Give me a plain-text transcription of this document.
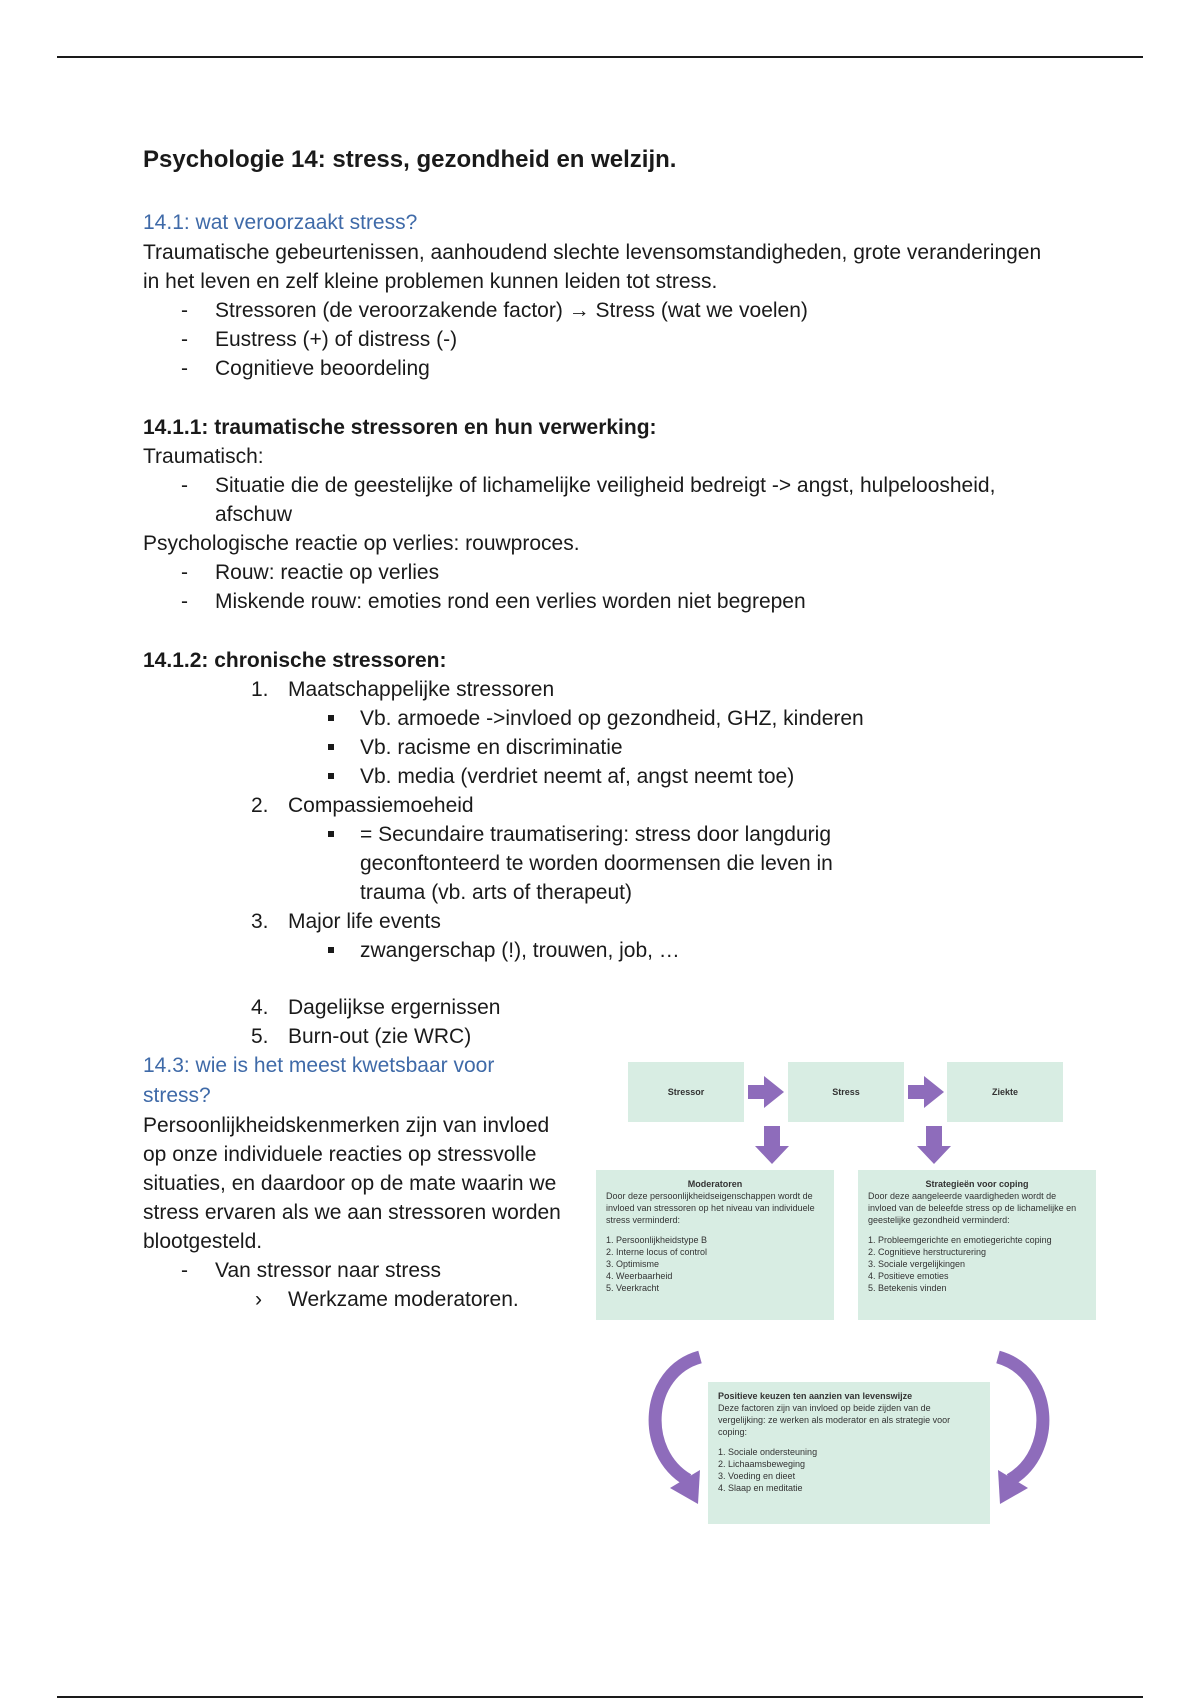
Psychologie 14: stress, gezondheid en welzijn.

14.1: wat veroorzaakt stress?

Traumatische gebeurtenissen, aanhoudend slechte levensomstandigheden, grote veranderingen in het leven en zelf kleine problemen kunnen leiden tot stress.

- Stressoren (de veroorzakende factor) → Stress (wat we voelen)
- Eustress (+) of distress (-)
- Cognitieve beoordeling

14.1.1: traumatische stressoren en hun verwerking:

Traumatisch:

- Situatie die de geestelijke of lichamelijke veiligheid bedreigt -> angst, hulpeloosheid, afschuw

Psychologische reactie op verlies: rouwproces.

- Rouw: reactie op verlies
- Miskende rouw: emoties rond een verlies worden niet begrepen

14.1.2: chronische stressoren:

1. Maatschappelijke stressoren
Vb. armoede ->invloed op gezondheid, GHZ, kinderen
Vb. racisme en discriminatie
Vb. media (verdriet neemt af, angst neemt toe)
2. Compassiemoeheid
= Secundaire traumatisering: stress door langdurig geconftonteerd te worden doormensen die leven in trauma (vb. arts of therapeut)
3. Major life events
zwangerschap (!), trouwen, job, …
4. Dagelijkse ergernissen
5. Burn-out (zie WRC)

14.3: wie is het meest kwetsbaar voor stress?

Persoonlijkheidskenmerken zijn van invloed op onze individuele reacties op stressvolle situaties, en daardoor op de mate waarin we stress ervaren als we aan stressoren worden blootgesteld.

- Van stressor naar stress
› Werkzame moderatoren.
Stressor	Stress	Ziekte
Moderatoren
Door deze persoonlijkheidseigenschappen wordt de invloed van stressoren op het niveau van individuele stress verminderd:
1. Persoonlijkheidstype B
2. Interne locus of control
3. Optimisme
4. Weerbaarheid
5. Veerkracht
Strategieën voor coping
Door deze aangeleerde vaardigheden wordt de invloed van de beleefde stress op de lichamelijke en geestelijke gezondheid verminderd:
1. Probleemgerichte en emotiegerichte coping
2. Cognitieve herstructurering
3. Sociale vergelijkingen
4. Positieve emoties
5. Betekenis vinden
Positieve keuzen ten aanzien van levenswijze
Deze factoren zijn van invloed op beide zijden van de vergelijking: ze werken als moderator en als strategie voor coping:
1. Sociale ondersteuning
2. Lichaamsbeweging
3. Voeding en dieet
4. Slaap en meditatie
